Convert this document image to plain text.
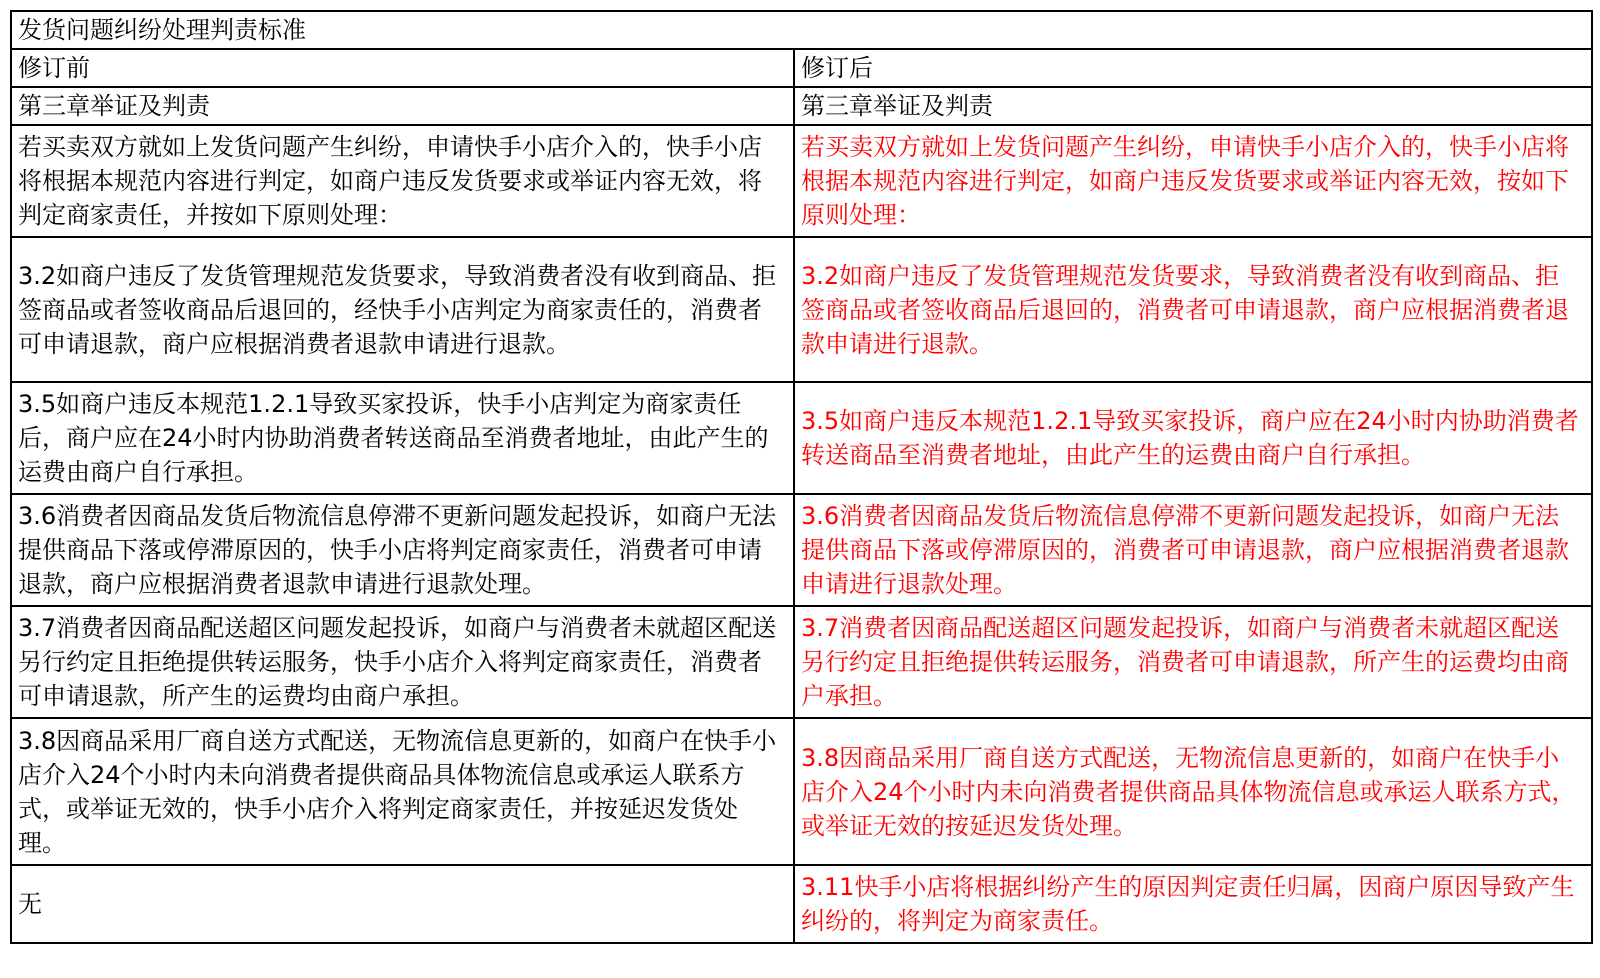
发货问题纠纷处理判责标准	
修订前	修订后
第三章举证及判责	第三章举证及判责
若买卖双方就如上发货问题产生纠纷，申请快手小店介入的，快手小店将根据本规范内容进行判定，如商户违反发货要求或举证内容无效，将判定商家责任，并按如下原则处理：	若买卖双方就如上发货问题产生纠纷，申请快手小店介入的，快手小店将根据本规范内容进行判定，如商户违反发货要求或举证内容无效，按如下原则处理：
3.2如商户违反了发货管理规范发货要求，导致消费者没有收到商品、拒签商品或者签收商品后退回的，经快手小店判定为商家责任的，消费者可申请退款，商户应根据消费者退款申请进行退款。	3.2如商户违反了发货管理规范发货要求，导致消费者没有收到商品、拒签商品或者签收商品后退回的，消费者可申请退款，商户应根据消费者退款申请进行退款。
3.5如商户违反本规范1.2.1导致买家投诉，快手小店判定为商家责任后，商户应在24小时内协助消费者转送商品至消费者地址，由此产生的运费由商户自行承担。	3.5如商户违反本规范1.2.1导致买家投诉，商户应在24小时内协助消费者转送商品至消费者地址，由此产生的运费由商户自行承担。
3.6消费者因商品发货后物流信息停滞不更新问题发起投诉，如商户无法提供商品下落或停滞原因的，快手小店将判定商家责任，消费者可申请退款，商户应根据消费者退款申请进行退款处理。	3.6消费者因商品发货后物流信息停滞不更新问题发起投诉，如商户无法提供商品下落或停滞原因的，消费者可申请退款，商户应根据消费者退款申请进行退款处理。
3.7消费者因商品配送超区问题发起投诉，如商户与消费者未就超区配送另行约定且拒绝提供转运服务，快手小店介入将判定商家责任，消费者可申请退款，所产生的运费均由商户承担。	3.7消费者因商品配送超区问题发起投诉，如商户与消费者未就超区配送另行约定且拒绝提供转运服务，消费者可申请退款，所产生的运费均由商户承担。
3.8因商品采用厂商自送方式配送，无物流信息更新的，如商户在快手小店介入24个小时内未向消费者提供商品具体物流信息或承运人联系方式，或举证无效的，快手小店介入将判定商家责任，并按延迟发货处理。	3.8因商品采用厂商自送方式配送，无物流信息更新的，如商户在快手小店介入24个小时内未向消费者提供商品具体物流信息或承运人联系方式，或举证无效的按延迟发货处理。
无	3.11快手小店将根据纠纷产生的原因判定责任归属，因商户原因导致产生纠纷的，将判定为商家责任。
